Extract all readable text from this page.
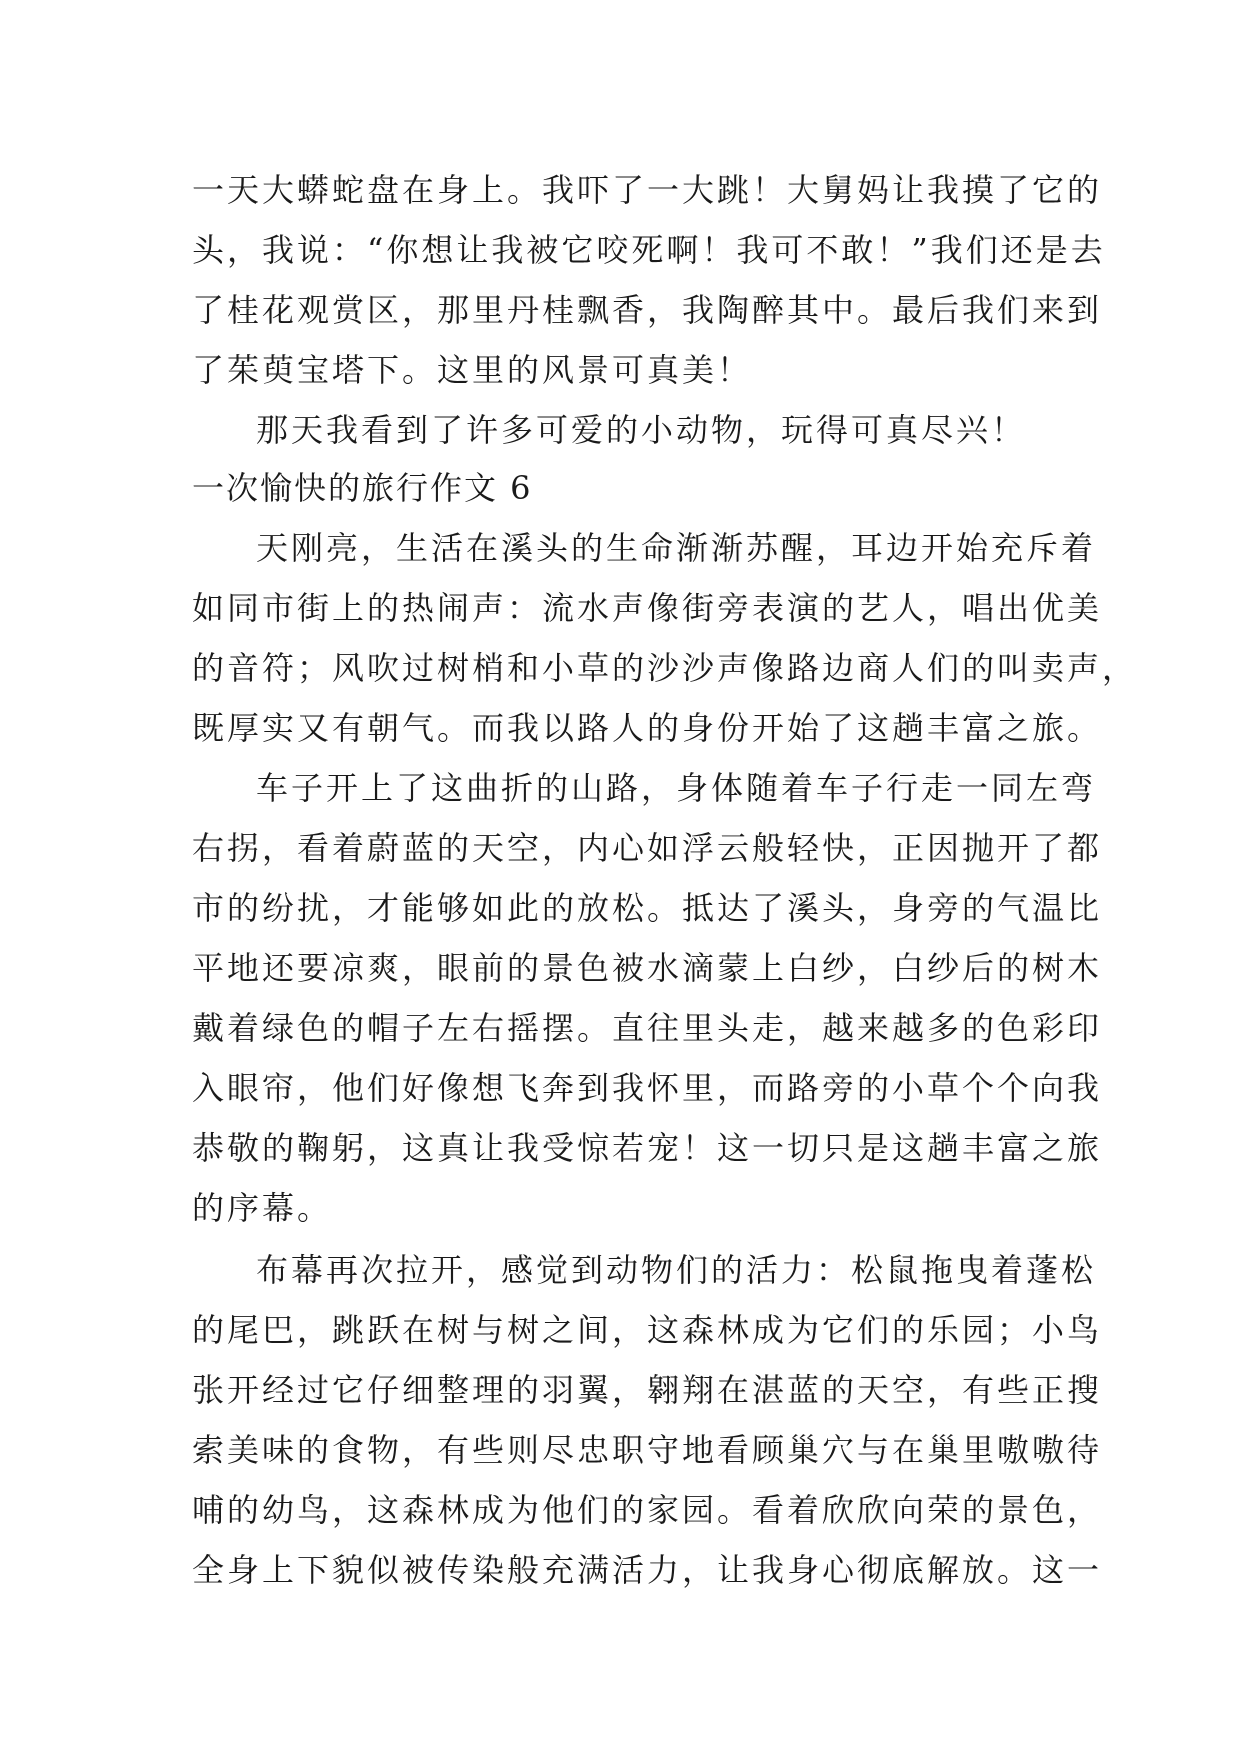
一天大蟒蛇盘在身上。我吓了一大跳！大舅妈让我摸了它的
头，我说：“你想让我被它咬死啊！我可不敢！”我们还是去
了桂花观赏区，那里丹桂飘香，我陶醉其中。最后我们来到
了茱萸宝塔下。这里的风景可真美！
那天我看到了许多可爱的小动物，玩得可真尽兴！
一次愉快的旅行作文 6
天刚亮，生活在溪头的生命渐渐苏醒，耳边开始充斥着
如同市街上的热闹声：流水声像街旁表演的艺人，唱出优美
的音符；风吹过树梢和小草的沙沙声像路边商人们的叫卖声，
既厚实又有朝气。而我以路人的身份开始了这趟丰富之旅。
车子开上了这曲折的山路，身体随着车子行走一同左弯
右拐，看着蔚蓝的天空，内心如浮云般轻快，正因抛开了都
市的纷扰，才能够如此的放松。抵达了溪头，身旁的气温比
平地还要凉爽，眼前的景色被水滴蒙上白纱，白纱后的树木
戴着绿色的帽子左右摇摆。直往里头走，越来越多的色彩印
入眼帘，他们好像想飞奔到我怀里，而路旁的小草个个向我
恭敬的鞠躬，这真让我受惊若宠！这一切只是这趟丰富之旅
的序幕。
布幕再次拉开，感觉到动物们的活力：松鼠拖曳着蓬松
的尾巴，跳跃在树与树之间，这森林成为它们的乐园；小鸟
张开经过它仔细整理的羽翼，翱翔在湛蓝的天空，有些正搜
索美味的食物，有些则尽忠职守地看顾巢穴与在巢里嗷嗷待
哺的幼鸟，这森林成为他们的家园。看着欣欣向荣的景色，
全身上下貌似被传染般充满活力，让我身心彻底解放。这一
